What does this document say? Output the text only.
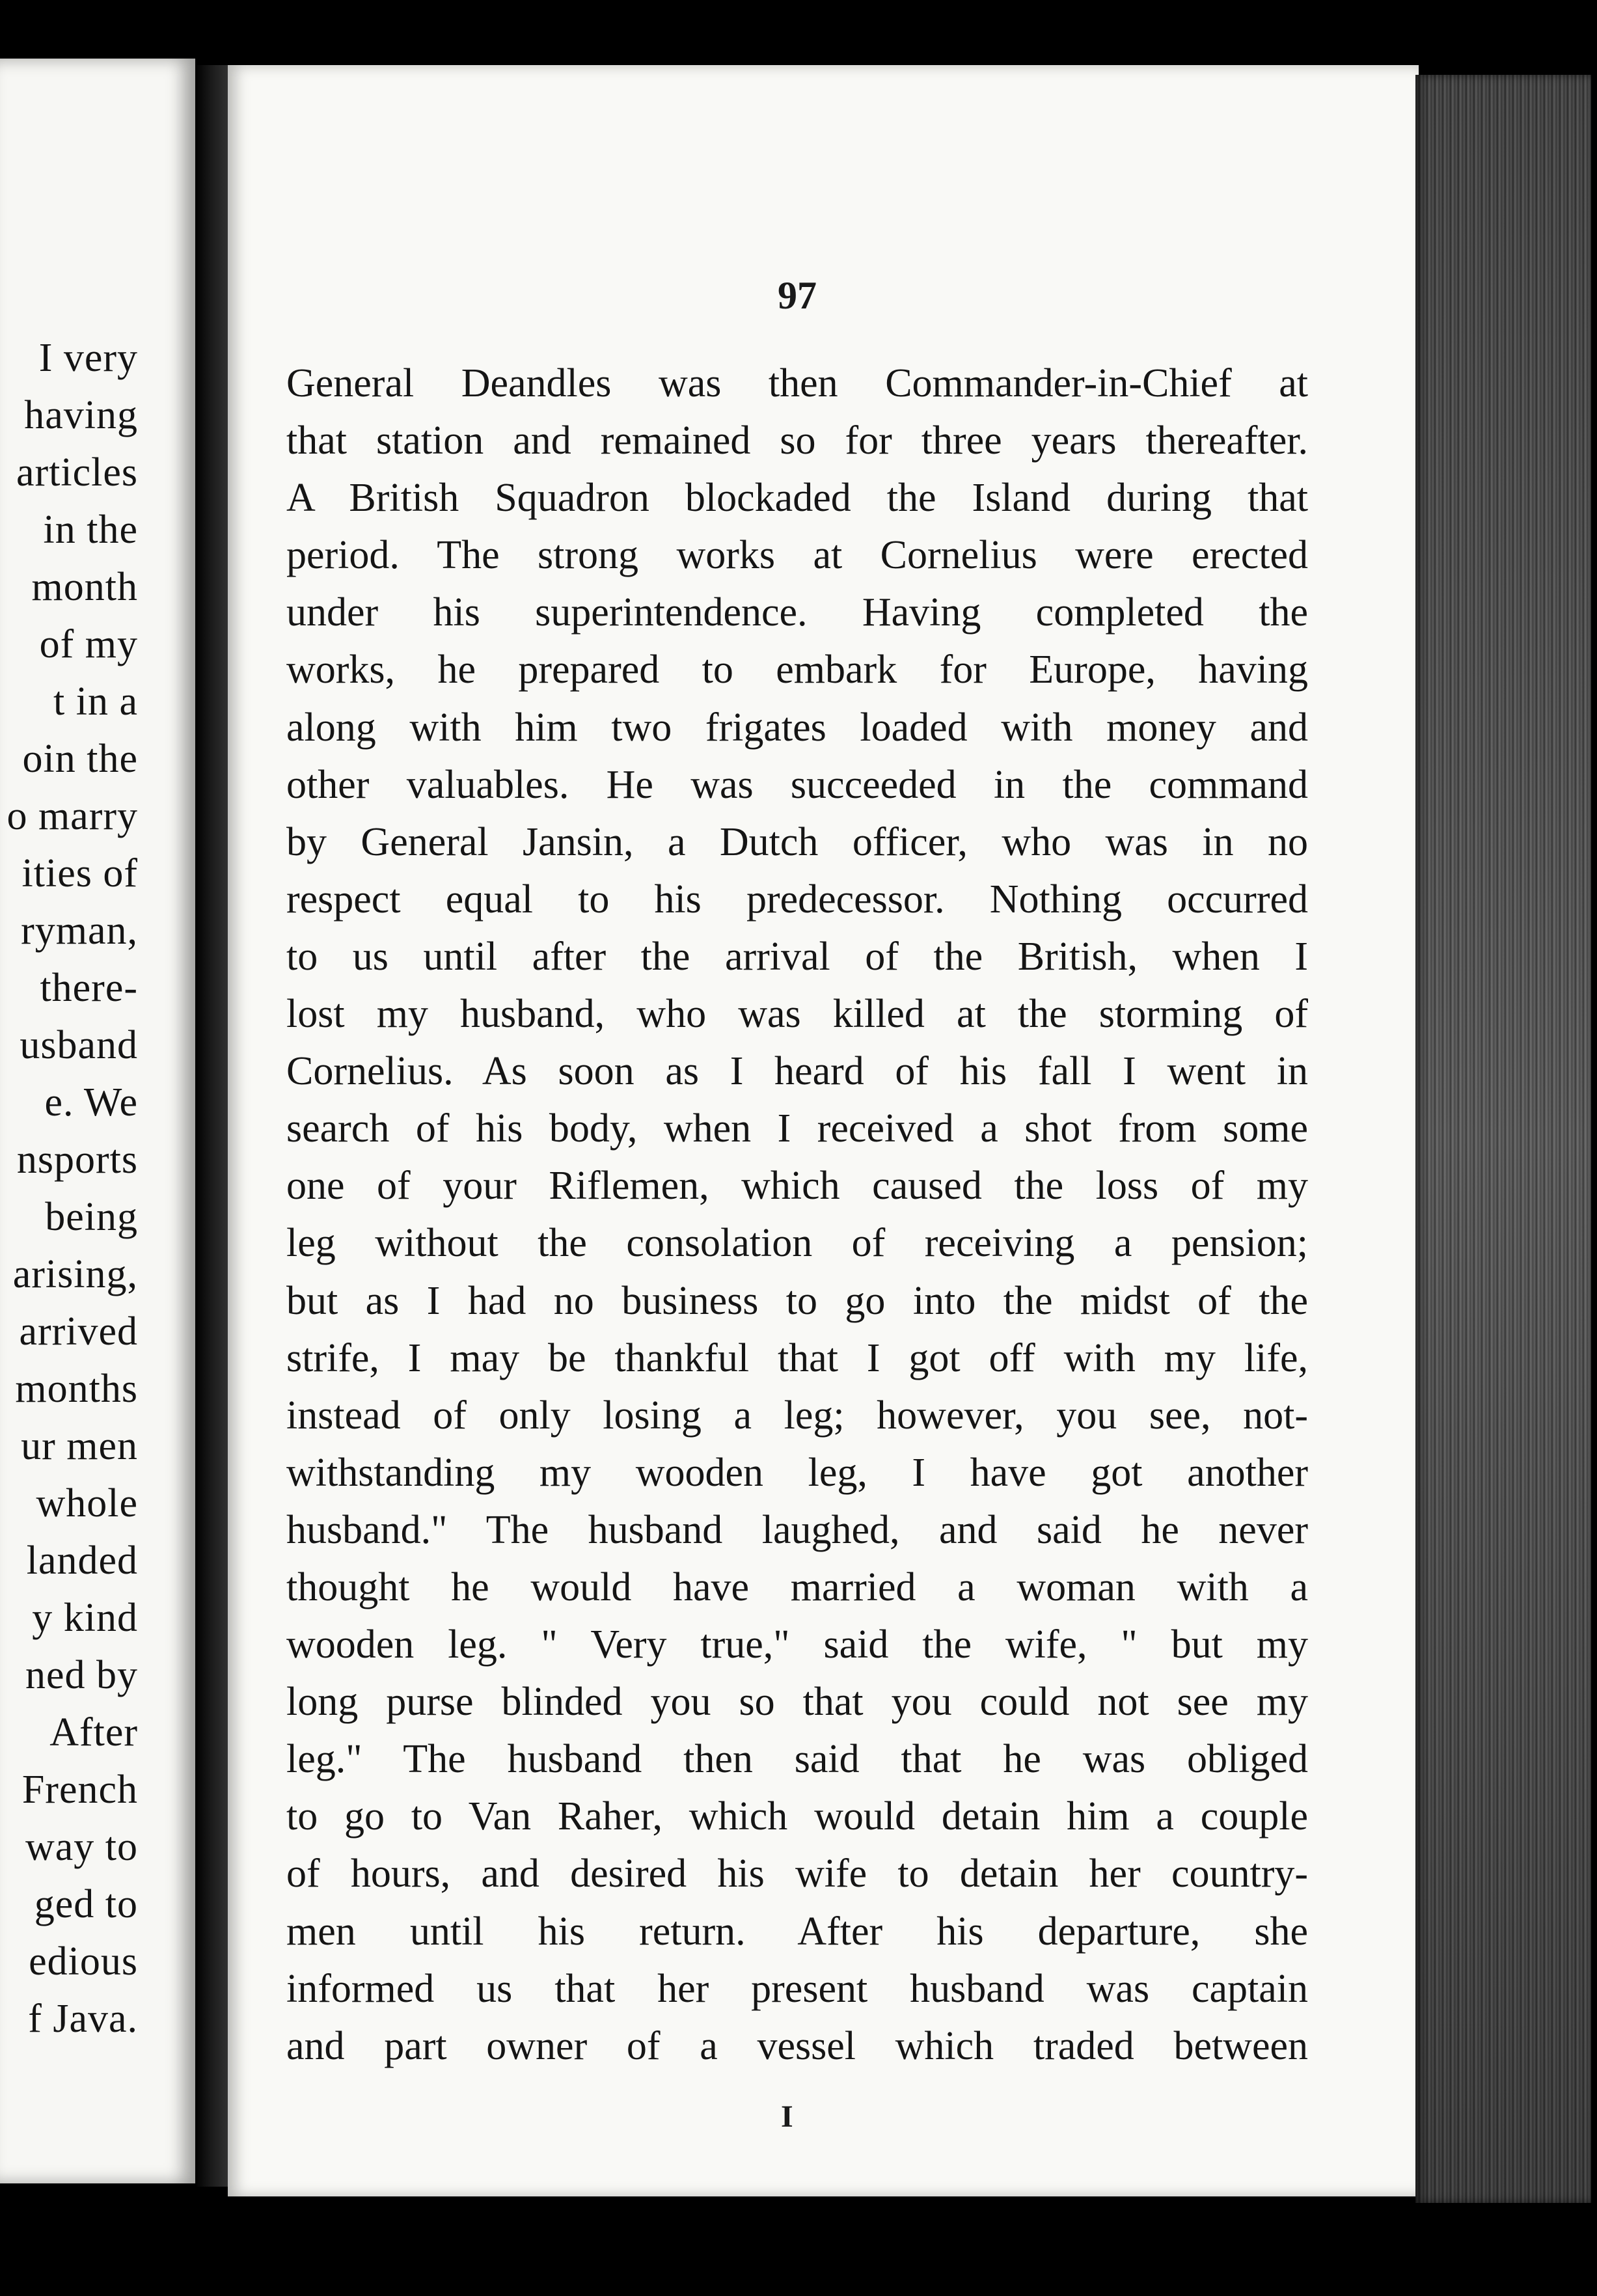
I very
having
articles
in the
month
of my
t in a
oin the
o marry
ities of
ryman,
there-
usband
e. We
nsports
being
arising,
arrived
months
ur men
whole
landed
y kind
ned by
After
French
way to
ged to
edious
f Java.
97
General Deandles was then Commander-in-Chief at
that station and remained so for three years thereafter.
A British Squadron blockaded the Island during that
period. The strong works at Cornelius were erected
under his superintendence. Having completed the
works, he prepared to embark for Europe, having
along with him two frigates loaded with money and
other valuables. He was succeeded in the command
by General Jansin, a Dutch officer, who was in no
respect equal to his predecessor. Nothing occurred
to us until after the arrival of the British, when I
lost my husband, who was killed at the storming of
Cornelius. As soon as I heard of his fall I went in
search of his body, when I received a shot from some
one of your Riflemen, which caused the loss of my
leg without the consolation of receiving a pension;
but as I had no business to go into the midst of the
strife, I may be thankful that I got off with my life,
instead of only losing a leg; however, you see, not-
withstanding my wooden leg, I have got another
husband." The husband laughed, and said he never
thought he would have married a woman with a
wooden leg. " Very true," said the wife, " but my
long purse blinded you so that you could not see my
leg." The husband then said that he was obliged
to go to Van Raher, which would detain him a couple
of hours, and desired his wife to detain her country-
men until his return. After his departure, she
informed us that her present husband was captain
and part owner of a vessel which traded between
I
